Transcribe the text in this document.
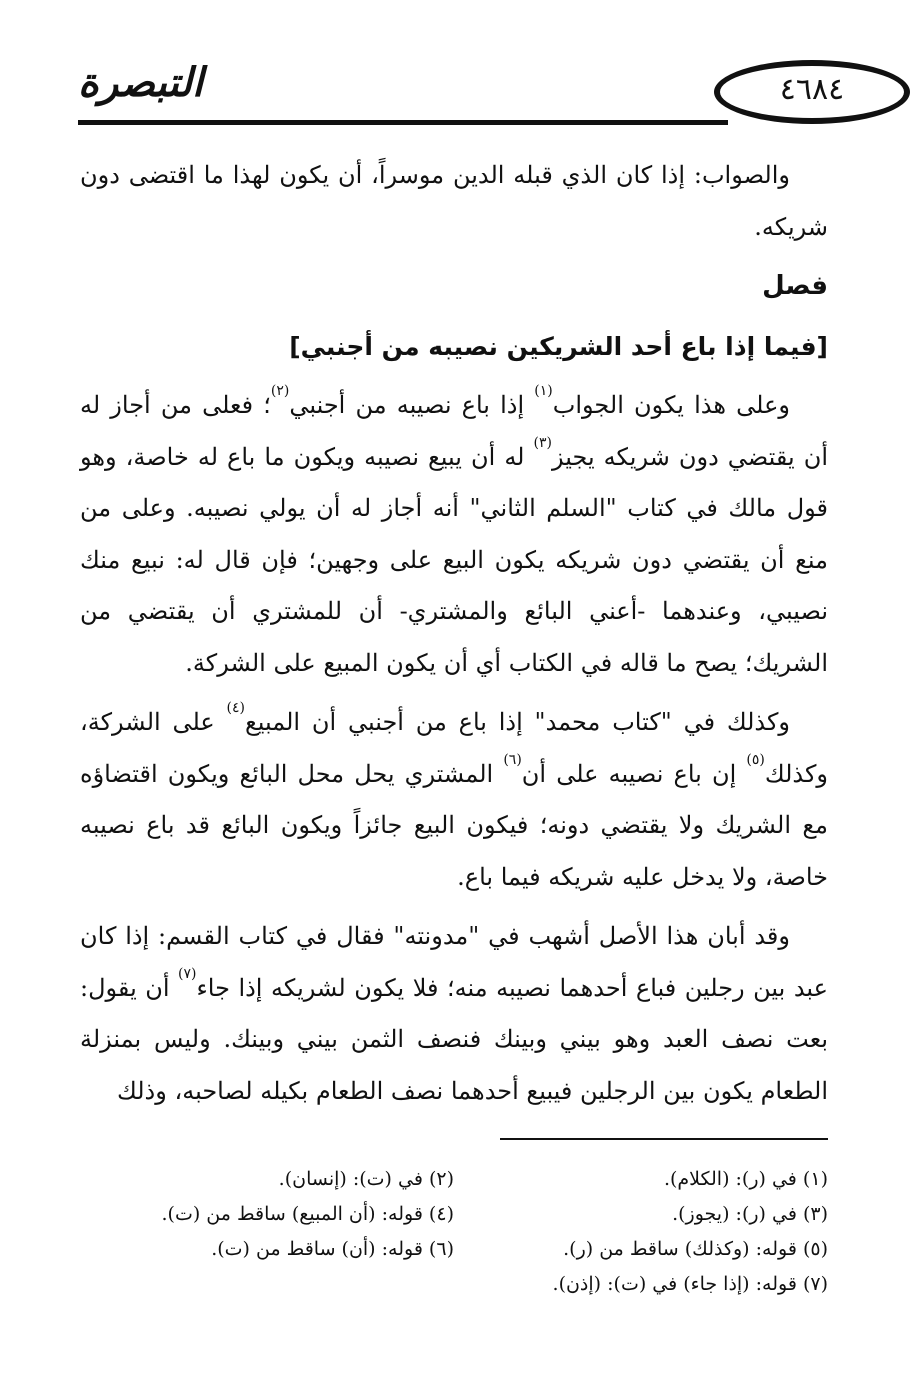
التبصرة	٤٦٨٤

والصواب: إذا كان الذي قبله الدين موسراً، أن يكون لهذا ما اقتضى دون شريكه.

فصل

[فيما إذا باع أحد الشريكين نصيبه من أجنبي]

وعلى هذا يكون الجواب$^{(١)}$ إذا باع نصيبه من أجنبي$^{(٢)}$؛ فعلى من أجاز له أن يقتضي دون شريكه يجيز$^{(٣)}$ له أن يبيع نصيبه ويكون ما باع له خاصة، وهو قول مالك في كتاب "السلم الثاني" أنه أجاز له أن يولي نصيبه. وعلى من منع أن يقتضي دون شريكه يكون البيع على وجهين؛ فإن قال له: نبيع منك نصيبي، وعندهما -أعني البائع والمشتري- أن للمشتري أن يقتضي من الشريك؛ يصح ما قاله في الكتاب أي أن يكون المبيع على الشركة.

وكذلك في "كتاب محمد" إذا باع من أجنبي أن المبيع$^{(٤)}$ على الشركة، وكذلك$^{(٥)}$ إن باع نصيبه على أن$^{(٦)}$ المشتري يحل محل البائع ويكون اقتضاؤه مع الشريك ولا يقتضي دونه؛ فيكون البيع جائزاً ويكون البائع قد باع نصيبه خاصة، ولا يدخل عليه شريكه فيما باع.

وقد أبان هذا الأصل أشهب في "مدونته" فقال في كتاب القسم: إذا كان عبد بين رجلين فباع أحدهما نصيبه منه؛ فلا يكون لشريكه إذا جاء$^{(٧)}$ أن يقول: بعت نصف العبد وهو بيني وبينك فنصف الثمن بيني وبينك. وليس بمنزلة الطعام يكون بين الرجلين فيبيع أحدهما نصف الطعام بكيله لصاحبه، وذلك

(١) في (ر): (الكلام).
(٢) في (ت): (إنسان).
(٣) في (ر): (يجوز).
(٤) قوله: (أن المبيع) ساقط من (ت).
(٥) قوله: (وكذلك) ساقط من (ر).
(٦) قوله: (أن) ساقط من (ت).
(٧) قوله: (إذا جاء) في (ت): (إذن).
